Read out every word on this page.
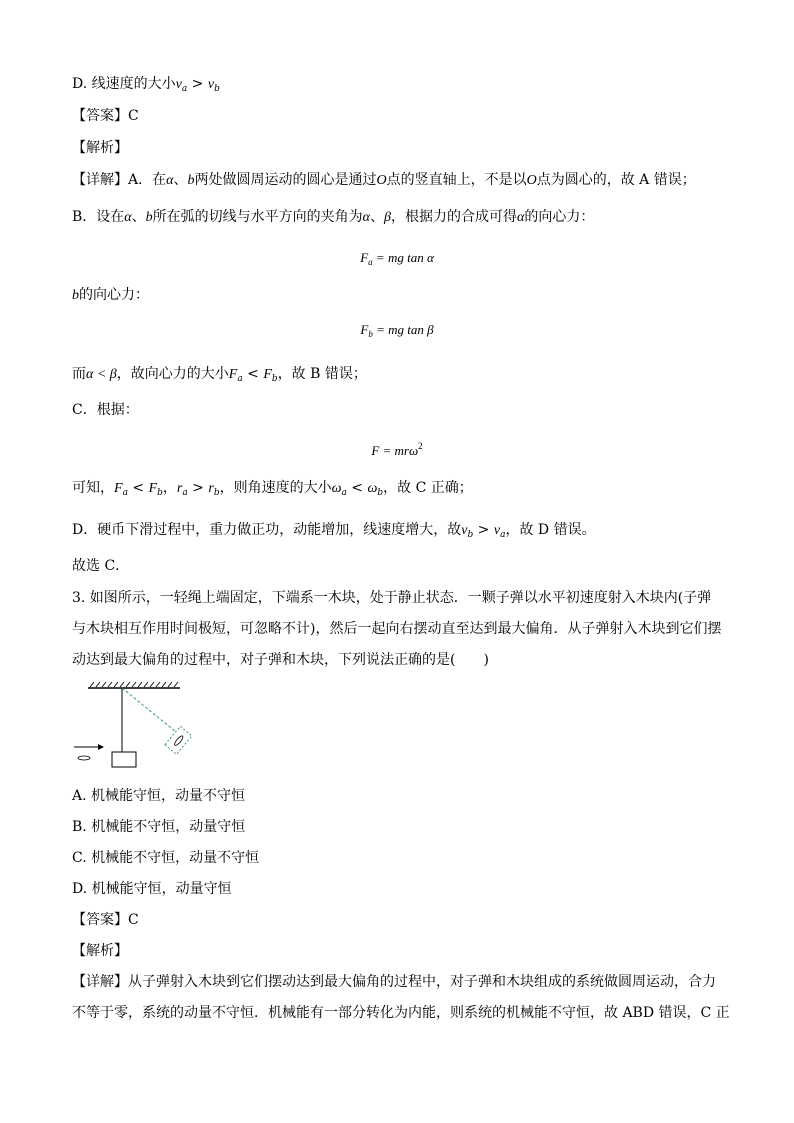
D. 线速度的大小$v_a > v_b$
【答案】C
【解析】
【详解】A．在α、b两处做圆周运动的圆心是通过O点的竖直轴上，不是以O点为圆心的，故 A 错误；
B．设在α、b所在弧的切线与水平方向的夹角为α、β，根据力的合成可得α的向心力：
$F_a$ = mg tan α
b的向心力：
$F_b$ = mg tan β
而α < β，故向心力的大小$F_a < F_b$，故 B 错误；
C．根据：
F = mrω$^2$
可知，$F_a < F_b$，$r_a > r_b$，则角速度的大小$\omega_a < \omega_b$，故 C 正确；
D．硬币下滑过程中，重力做正功，动能增加，线速度增大，故$v_b > v_a$，故 D 错误。
故选 C．
3. 如图所示，一轻绳上端固定，下端系一木块，处于静止状态．一颗子弹以水平初速度射入木块内(子弹
与木块相互作用时间极短，可忽略不计)，然后一起向右摆动直至达到最大偏角．从子弹射入木块到它们摆
动达到最大偏角的过程中，对子弹和木块，下列说法正确的是(　　)
A. 机械能守恒，动量不守恒
B. 机械能不守恒，动量守恒
C. 机械能不守恒，动量不守恒
D. 机械能守恒，动量守恒
【答案】C
【解析】
【详解】从子弹射入木块到它们摆动达到最大偏角的过程中，对子弹和木块组成的系统做圆周运动，合力
不等于零，系统的动量不守恒．机械能有一部分转化为内能，则系统的机械能不守恒，故 ABD 错误，C 正
